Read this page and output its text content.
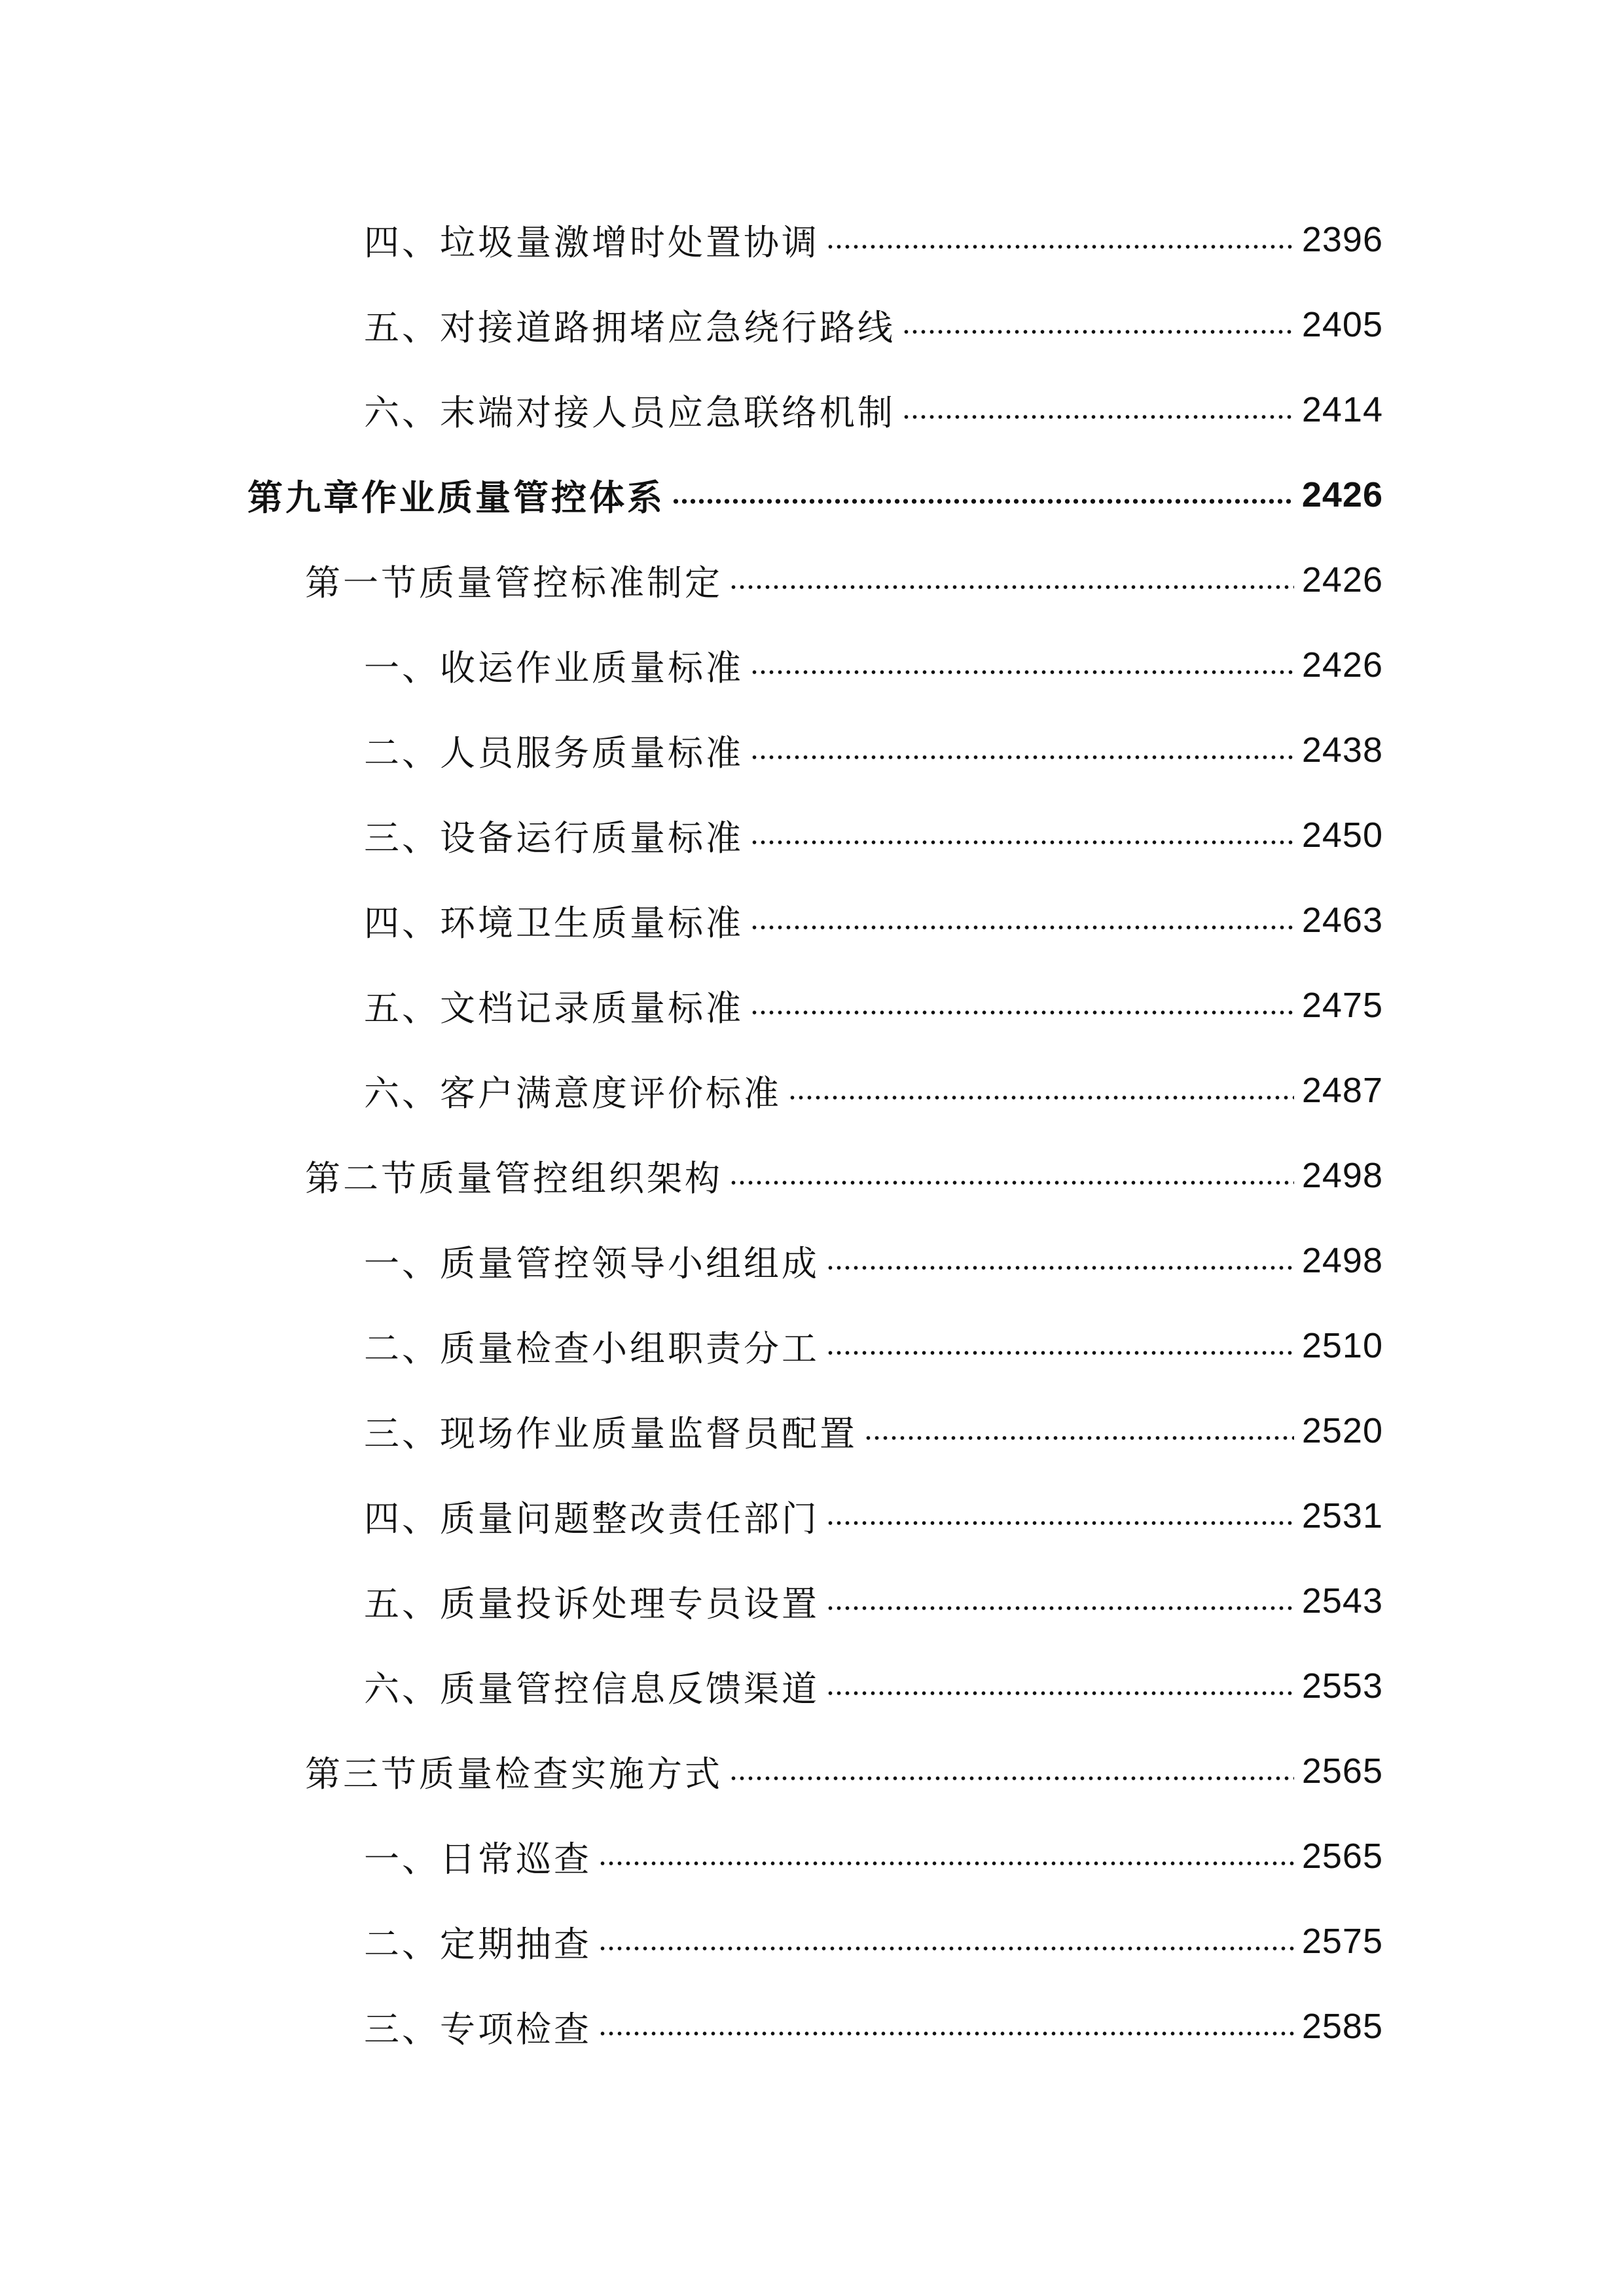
四、垃圾量激增时处置协调	2396
五、对接道路拥堵应急绕行路线	2405
六、末端对接人员应急联络机制	2414
第九章作业质量管控体系	2426
第一节质量管控标准制定	2426
一、收运作业质量标准	2426
二、人员服务质量标准	2438
三、设备运行质量标准	2450
四、环境卫生质量标准	2463
五、文档记录质量标准	2475
六、客户满意度评价标准	2487
第二节质量管控组织架构	2498
一、质量管控领导小组组成	2498
二、质量检查小组职责分工	2510
三、现场作业质量监督员配置	2520
四、质量问题整改责任部门	2531
五、质量投诉处理专员设置	2543
六、质量管控信息反馈渠道	2553
第三节质量检查实施方式	2565
一、日常巡查	2565
二、定期抽查	2575
三、专项检查	2585
